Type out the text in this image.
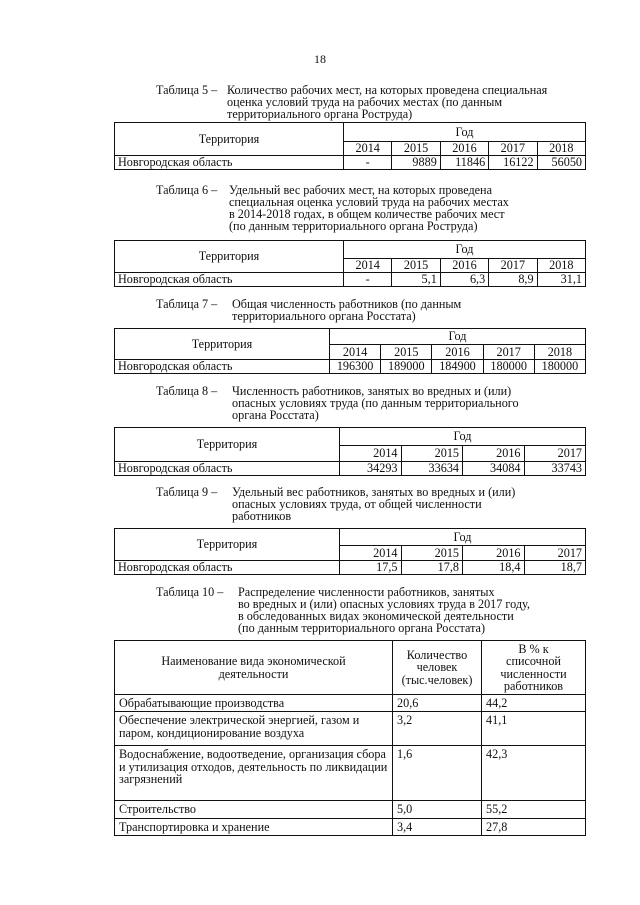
18
Таблица 5 – Количество рабочих мест, на которых проведена специальная
оценка условий труда на рабочих местах (по данным
территориального органа Роструда)
Территория	Год				
	2014	2015	2016	2017	2018
Новгородская область	-	9889	11846	16122	56050
Таблица 6 – Удельный вес рабочих мест, на которых проведена
специальная оценка условий труда на рабочих местах
в 2014-2018 годах, в общем количестве рабочих мест
(по данным территориального органа Роструда)
Территория	Год				
	2014	2015	2016	2017	2018
Новгородская область	-	5,1	6,3	8,9	31,1
Таблица 7 – Общая численность работников (по данным
территориального органа Росстата)
Территория	Год				
	2014	2015	2016	2017	2018
Новгородская область	196300	189000	184900	180000	180000
Таблица 8 – Численность работников, занятых во вредных и (или)
опасных условиях труда (по данным территориального
органа Росстата)
Территория	Год			
	2014	2015	2016	2017
Новгородская область	34293	33634	34084	33743
Таблица 9 – Удельный вес работников, занятых во вредных и (или)
опасных условиях труда, от общей численности
работников
Территория	Год			
	2014	2015	2016	2017
Новгородская область	17,5	17,8	18,4	18,7
Таблица 10 – Распределение численности работников, занятых
во вредных и (или) опасных условиях труда в 2017 году,
в обследованных видах экономической деятельности
(по данным территориального органа Росстата)
Наименование вида экономической деятельности	Количество человек (тыс.человек)	В % к списочной численности работников
Обрабатывающие производства	20,6	44,2
Обеспечение электрической энергией, газом и паром, кондиционирование воздуха	3,2	41,1
Водоснабжение, водоотведение, организация сбора и утилизация отходов, деятельность по ликвидации загрязнений	1,6	42,3
Строительство	5,0	55,2
Транспортировка и хранение	3,4	27,8
